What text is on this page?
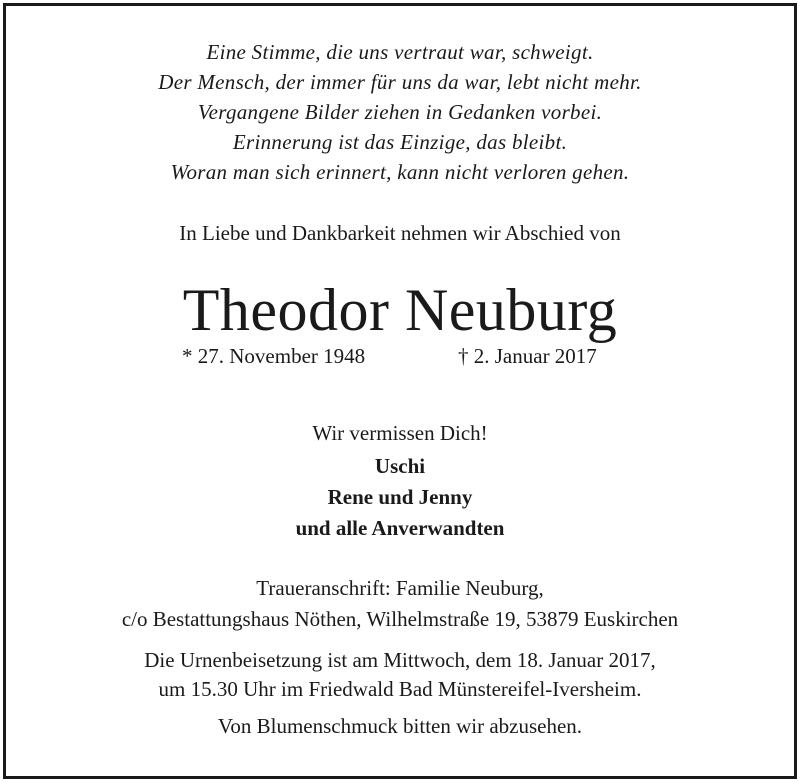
Eine Stimme, die uns vertraut war, schweigt.
Der Mensch, der immer für uns da war, lebt nicht mehr.
Vergangene Bilder ziehen in Gedanken vorbei.
Erinnerung ist das Einzige, das bleibt.
Woran man sich erinnert, kann nicht verloren gehen.
In Liebe und Dankbarkeit nehmen wir Abschied von
Theodor Neuburg
* 27. November 1948	† 2. Januar 2017
Wir vermissen Dich!
Uschi
Rene und Jenny
und alle Anverwandten
Traueranschrift: Familie Neuburg,
c/o Bestattungshaus Nöthen, Wilhelmstraße 19, 53879 Euskirchen
Die Urnenbeisetzung ist am Mittwoch, dem 18. Januar 2017,
um 15.30 Uhr im Friedwald Bad Münstereifel-Iversheim.
Von Blumenschmuck bitten wir abzusehen.
